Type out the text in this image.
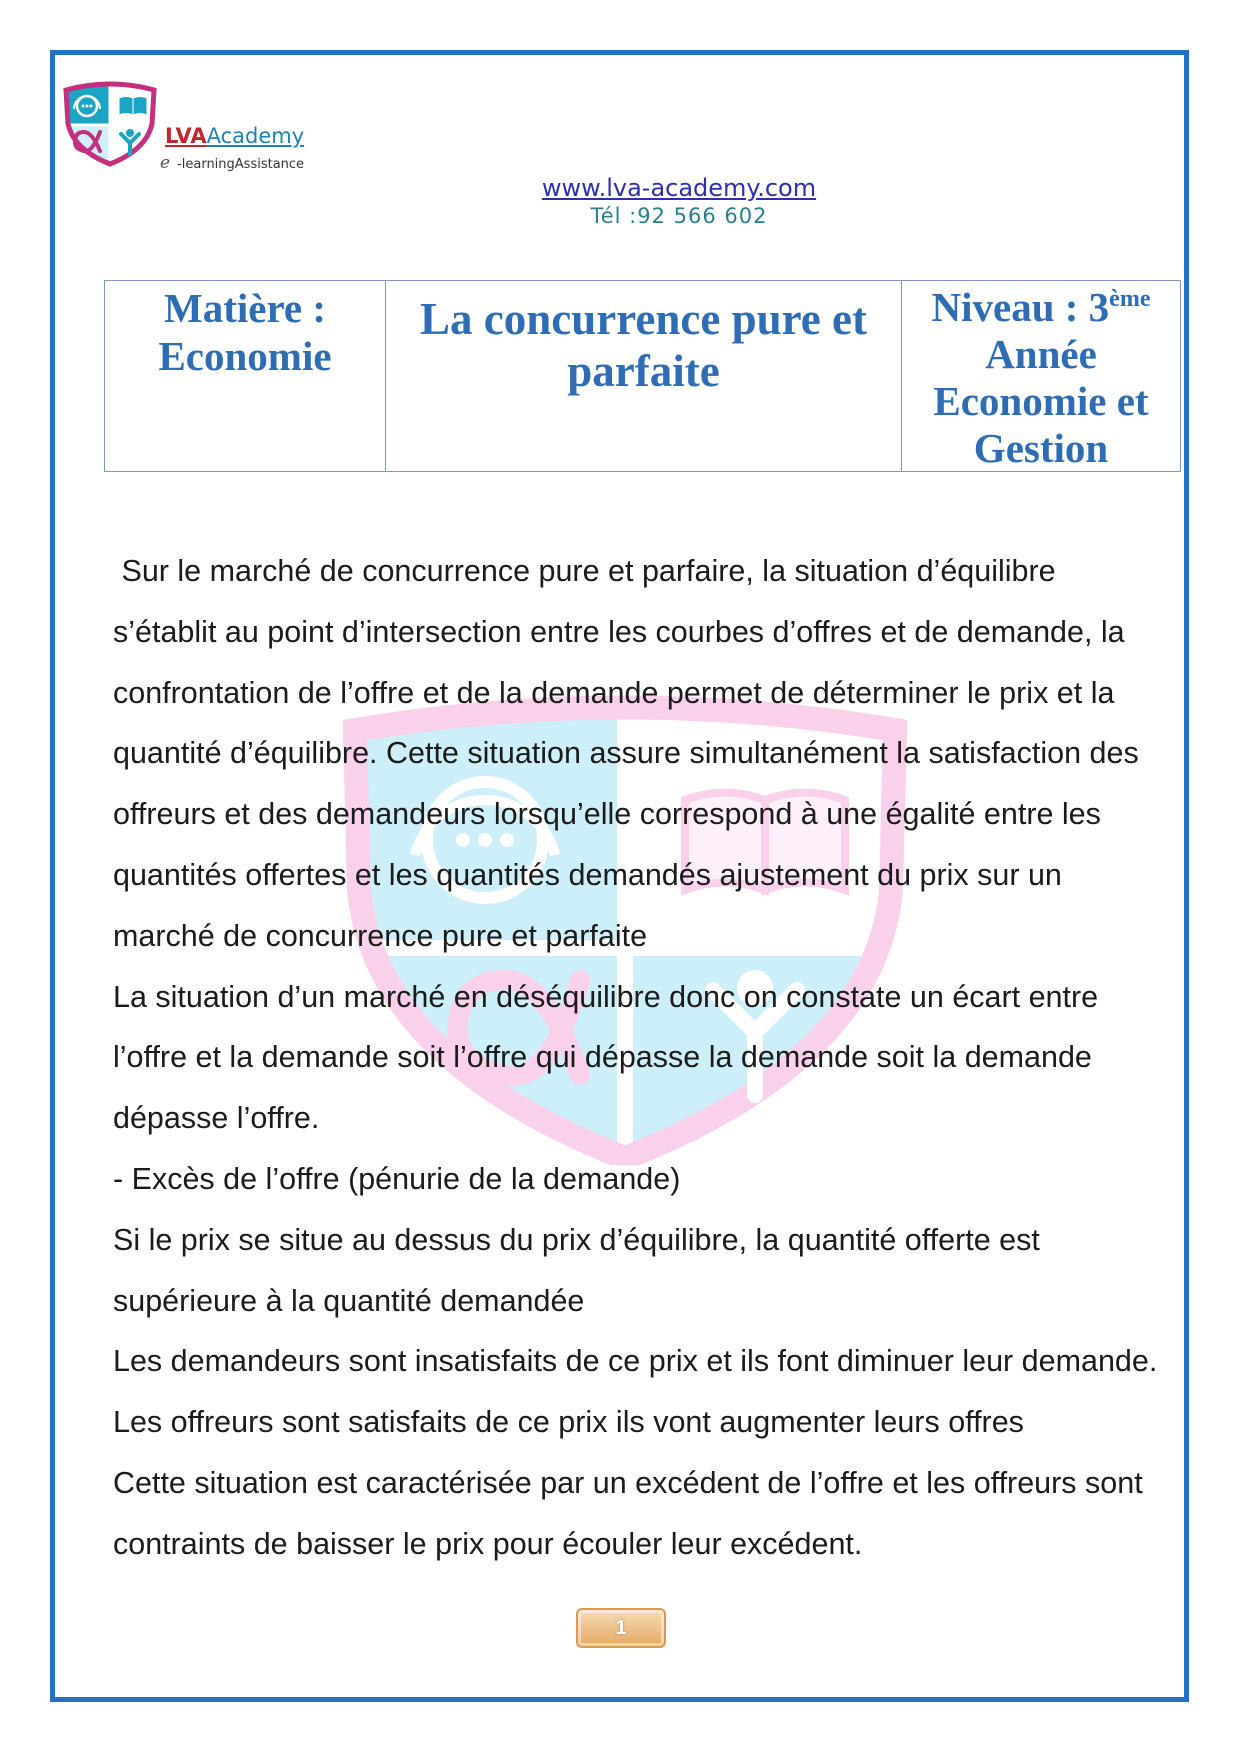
LVAAcademy
e -learningAssistance
www.lva-academy.com
Tél :92 566 602
Matière :
Economie
La concurrence pure et
parfaite
Niveau : 3ème
Année
Economie et
Gestion
Sur le marché de concurrence pure et parfaire, la situation d’équilibre
s’établit au point d’intersection entre les courbes d’offres et de demande, la
confrontation de l’offre et de la demande permet de déterminer le prix et la
quantité d’équilibre. Cette situation assure simultanément la satisfaction des
offreurs et des demandeurs lorsqu’elle correspond à une égalité entre les
quantités offertes et les quantités demandés ajustement du prix sur un
marché de concurrence pure et parfaite
La situation d’un marché en déséquilibre donc on constate un écart entre
l’offre et la demande soit l’offre qui dépasse la demande soit la demande
dépasse l’offre.
- Excès de l’offre (pénurie de la demande)
Si le prix se situe au dessus du prix d’équilibre, la quantité offerte est
supérieure à la quantité demandée
Les demandeurs sont insatisfaits de ce prix et ils font diminuer leur demande.
Les offreurs sont satisfaits de ce prix ils vont augmenter leurs offres
Cette situation est caractérisée par un excédent de l’offre et les offreurs sont
contraints de baisser le prix pour écouler leur excédent.
1
